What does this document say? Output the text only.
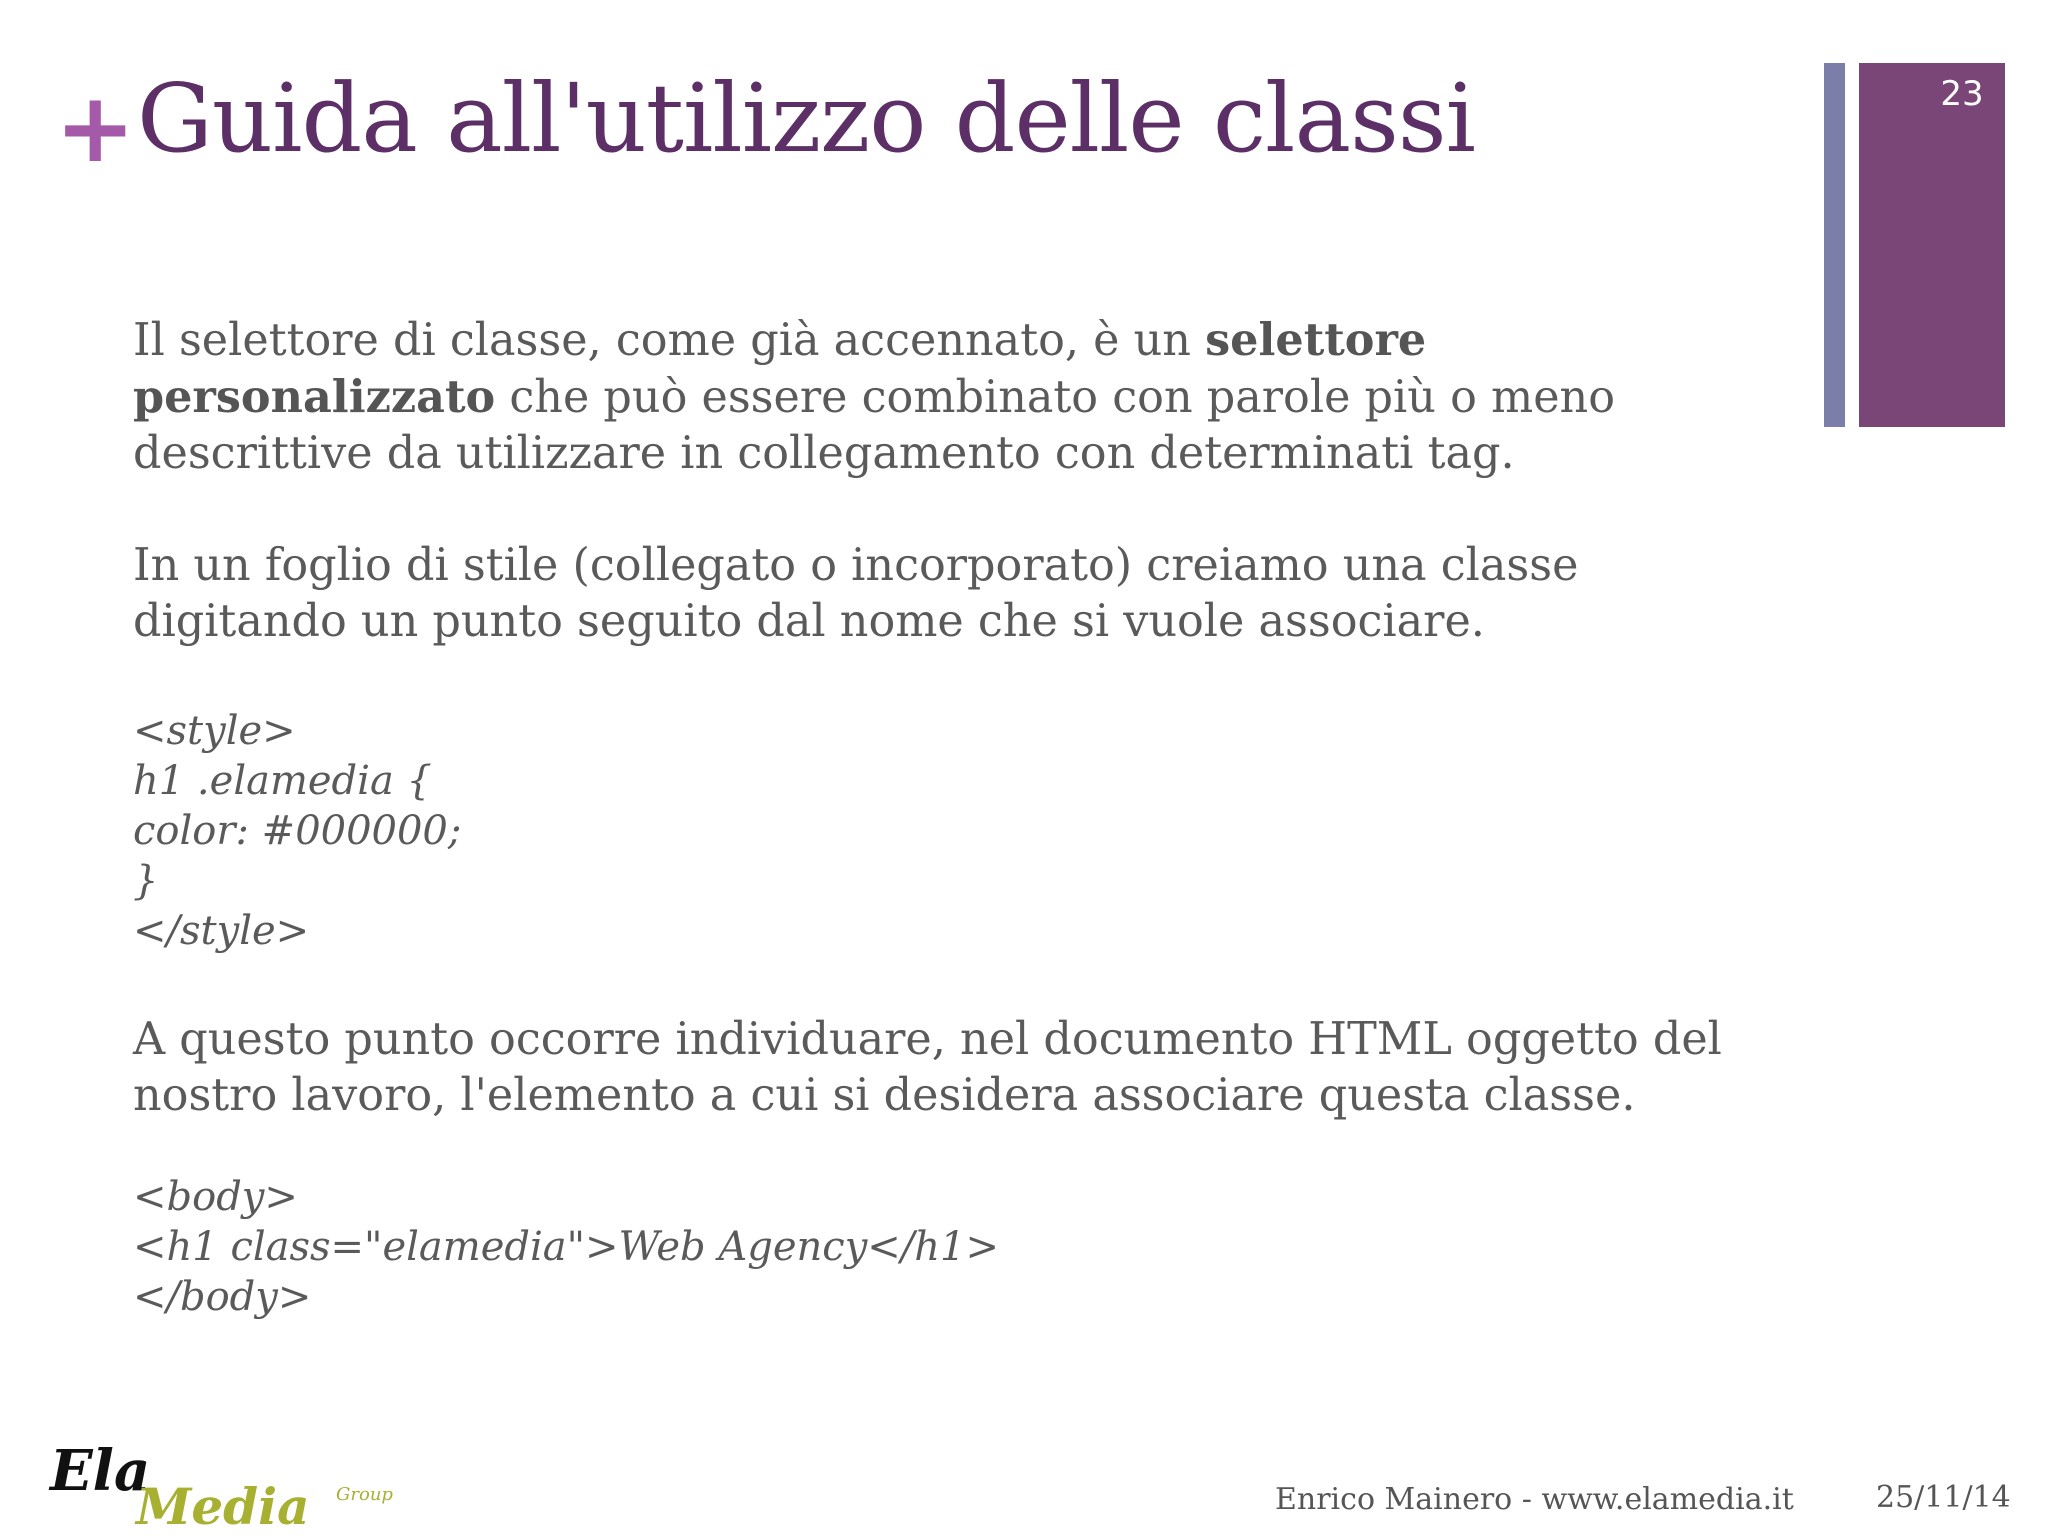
+ Guida all'utilizzo delle classi	23

Il selettore di classe, come già accennato, è un selettore
personalizzato che può essere combinato con parole più o meno
descrittive da utilizzare in collegamento con determinati tag.

In un foglio di stile (collegato o incorporato) creiamo una classe
digitando un punto seguito dal nome che si vuole associare.

<style>
h1 .elamedia {
color: #000000;
}
</style>

A questo punto occorre individuare, nel documento HTML oggetto del
nostro lavoro, l'elemento a cui si desidera associare questa classe.

<body>
<h1 class="elamedia">Web Agency</h1>
</body>
Ela
Media Group	Enrico Mainero - www.elamedia.it	25/11/14
